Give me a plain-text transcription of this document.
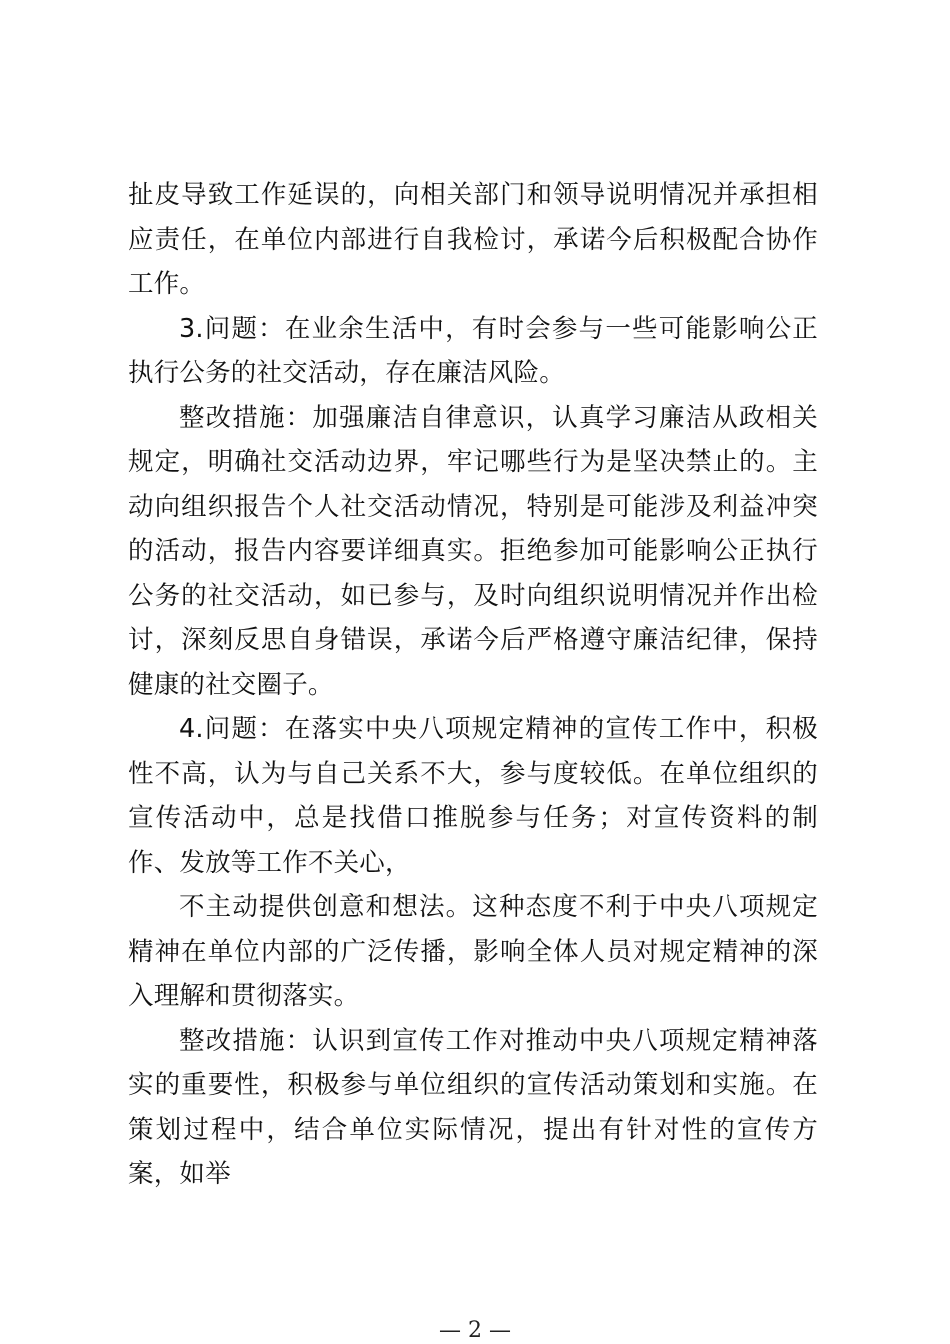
扯皮导致工作延误的，向相关部门和领导说明情况并承担相应责任，在单位内部进行自我检讨，承诺今后积极配合协作工作。

3.问题：在业余生活中，有时会参与一些可能影响公正执行公务的社交活动，存在廉洁风险。

整改措施：加强廉洁自律意识，认真学习廉洁从政相关规定，明确社交活动边界，牢记哪些行为是坚决禁止的。主动向组织报告个人社交活动情况，特别是可能涉及利益冲突的活动，报告内容要详细真实。拒绝参加可能影响公正执行公务的社交活动，如已参与，及时向组织说明情况并作出检讨，深刻反思自身错误，承诺今后严格遵守廉洁纪律，保持健康的社交圈子。

4.问题：在落实中央八项规定精神的宣传工作中，积极性不高，认为与自己关系不大，参与度较低。在单位组织的宣传活动中，总是找借口推脱参与任务；对宣传资料的制作、发放等工作不关心，

不主动提供创意和想法。这种态度不利于中央八项规定精神在单位内部的广泛传播，影响全体人员对规定精神的深入理解和贯彻落实。

整改措施：认识到宣传工作对推动中央八项规定精神落实的重要性，积极参与单位组织的宣传活动策划和实施。在策划过程中，结合单位实际情况，提出有针对性的宣传方案，如举

— 2 —
